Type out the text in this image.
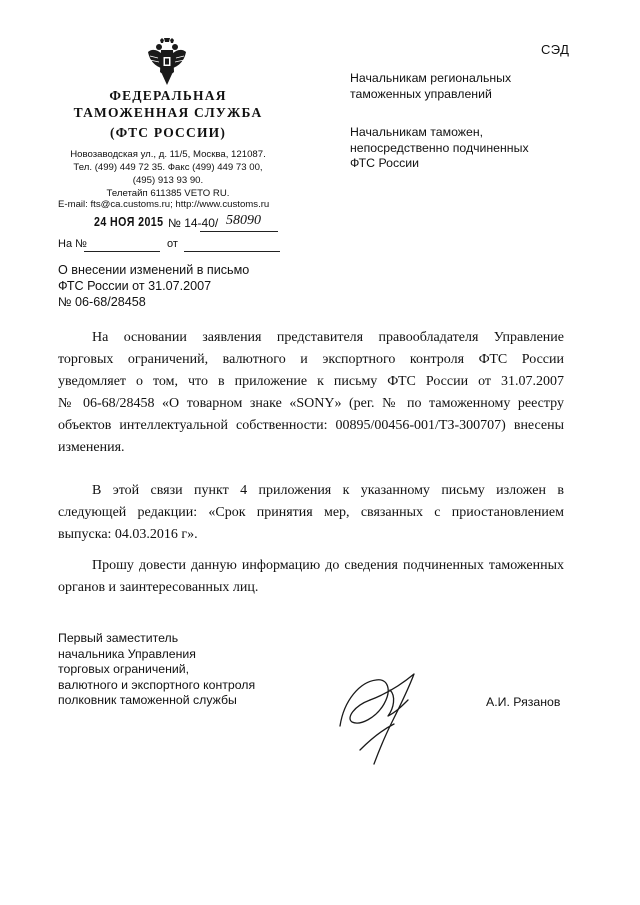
СЭД
ФЕДЕРАЛЬНАЯ
ТАМОЖЕННАЯ СЛУЖБА
(ФТС РОССИИ)
Новозаводская ул., д. 11/5, Москва, 121087.
Тел. (499) 449 72 35. Факс (499) 449 73 00,
(495) 913 93 90.
Телетайп 611385 VETO RU.
E-mail: fts@ca.customs.ru; http://www.customs.ru
24 НОЯ 2015 № 14-40/ 58090
На №	от
Начальникам региональных
таможенных управлений
Начальникам таможен,
непосредственно подчиненных
ФТС России
О внесении изменений в письмо
ФТС России от 31.07.2007
№ 06-68/28458
На основании заявления представителя правообладателя Управление
торговых ограничений, валютного и экспортного контроля ФТС России
уведомляет о том, что в приложение к письму ФТС России от 31.07.2007
№ 06-68/28458 «О товарном знаке «SONY» (рег. № по таможенному реестру
объектов интеллектуальной собственности: 00895/00456-001/ТЗ-300707) внесены
изменения.
В этой связи пункт 4 приложения к указанному письму изложен в
следующей редакции: «Срок принятия мер, связанных с приостановлением
выпуска: 04.03.2016 г».
Прошу довести данную информацию до сведения подчиненных таможенных
органов и заинтересованных лиц.
Первый заместитель
начальника Управления
торговых ограничений,
валютного и экспортного контроля
полковник таможенной службы	А.И. Рязанов
